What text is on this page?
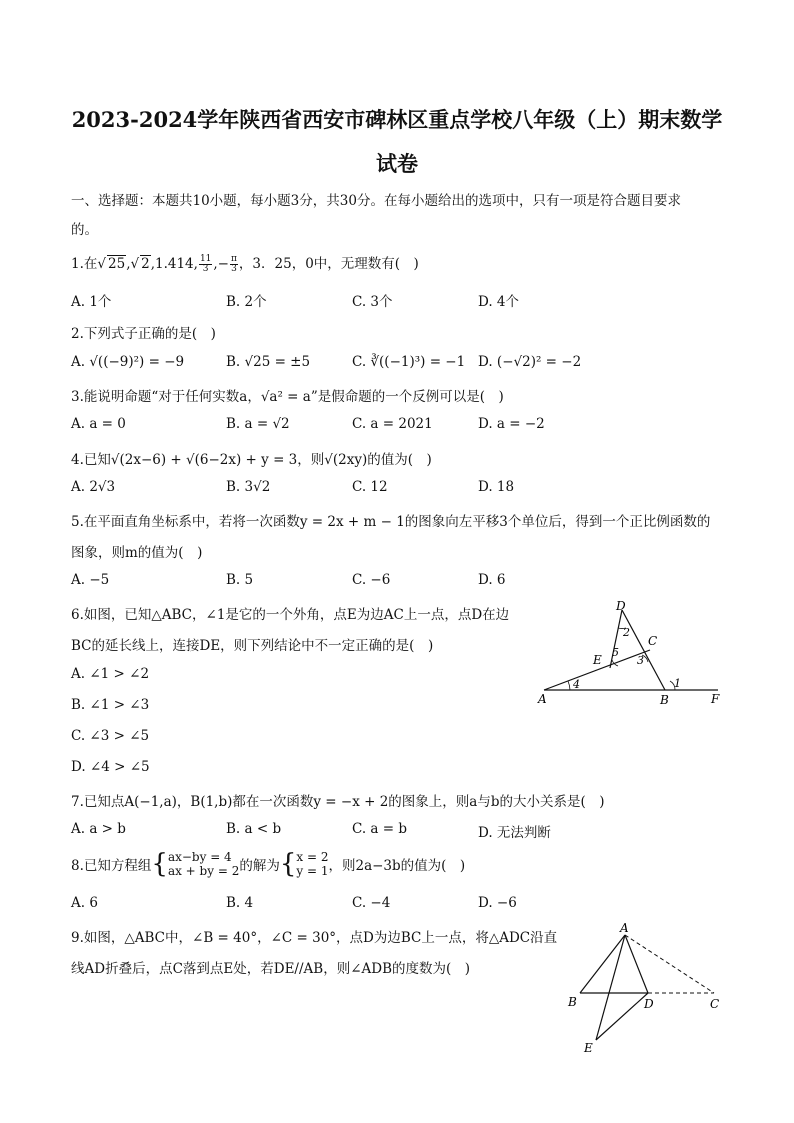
2023-2024学年陕西省西安市碑林区重点学校八年级（上）期末数学
试卷
一、选择题：本题共10小题，每小题3分，共30分。在每小题给出的选项中，只有一项是符合题目要求
的。
1.在√ 25,√ 2,1.414, $\frac{11}{3}$ ,− $\frac{\pi}{3}$ ，3．25，0中，无理数有(　)
A. 1个	B. 2个	C. 3个	D. 4个
2.下列式子正确的是(　)
A. √((−9)²) = −9	B. √25 = ±5	C. ∛((−1)³) = −1 D. (−√2)² = −2
3.能说明命题“对于任何实数a，√a² = a”是假命题的一个反例可以是(　)
A. a = 0	B. a = √2	C. a = 2021	D. a = −2
4.已知√(2x−6) + √(6−2x) + y = 3，则√(2xy)的值为(　)
A. 2√3	B. 3√2	C. 12	D. 18
5.在平面直角坐标系中，若将一次函数y = 2x + m − 1的图象向左平移3个单位后，得到一个正比例函数的
图象，则m的值为(　)
A. −5	B. 5	C. −6	D. 6
6.如图，已知△ABC，∠1是它的一个外角，点E为边AC上一点，点D在边
BC的延长线上，连接DE，则下列结论中不一定正确的是(　)
A. ∠1 > ∠2
B. ∠1 > ∠3
C. ∠3 > ∠5
D. ∠4 > ∠5
D
2
C
5
E	3
4	1
A	B	F
7.已知点A(−1,a)，B(1,b)都在一次函数y = −x + 2的图象上，则a与b的大小关系是(　)
A. a > b	B. a < b	C. a = b	D. 无法判断
8.已知方程组{ ax−by = 4
ax + by = 2 的解为{ x = 2
y = 1 ，则2a−3b的值为(　)
A. 6	B. 4	C. −4	D. −6
9.如图，△ABC中，∠B = 40°，∠C = 30°，点D为边BC上一点，将△ADC沿直
线AD折叠后，点C落到点E处，若DE//AB，则∠ADB的度数为(　)
A
B	D	C
E
